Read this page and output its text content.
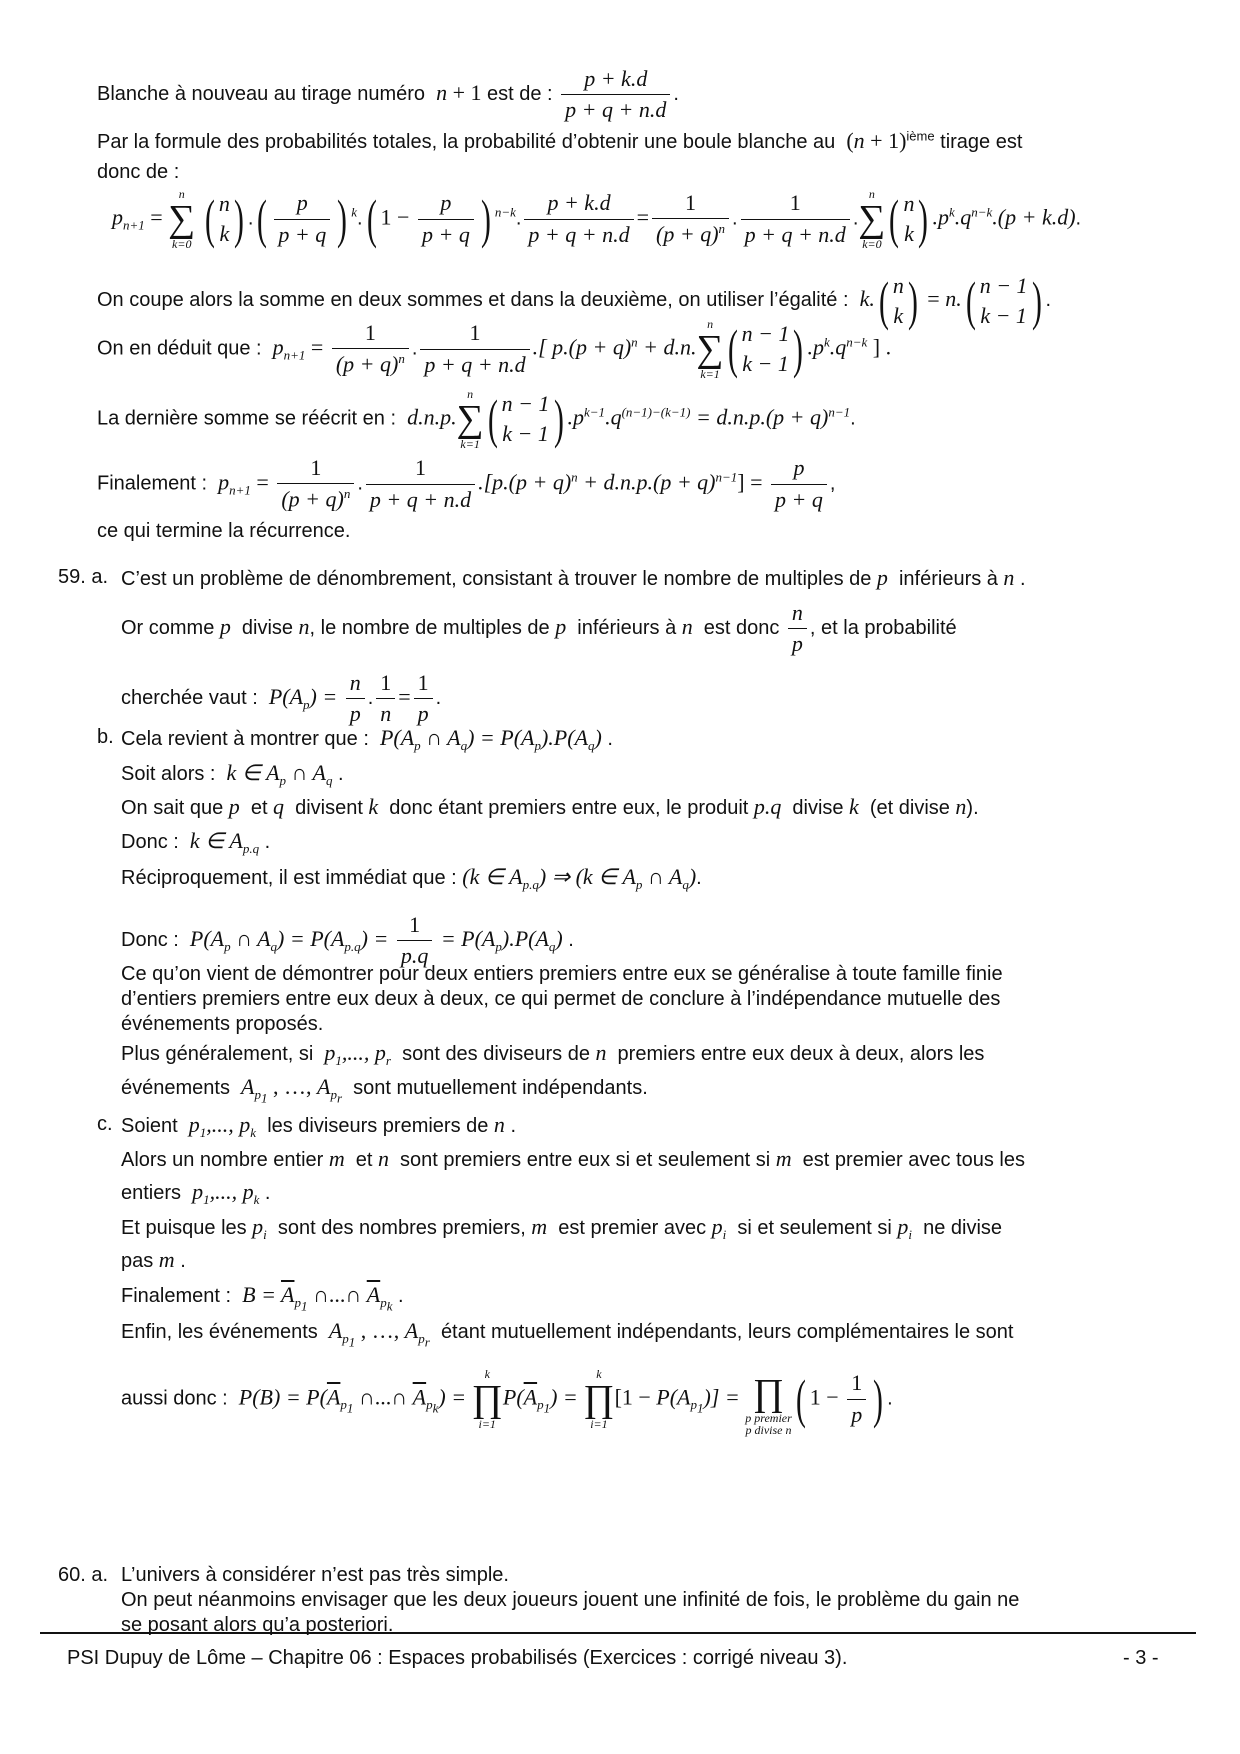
Blanche à nouveau au tirage numéro  n + 1 est de : $\frac{p + k.d}{p + q + n.d}$ .
Par la formule des probabilités totales, la probabilité d’obtenir une boule blanche au  $(n + 1)^{ième}$ tirage est
donc de :
$p_{n+1}$ =
n
∑
k=0 ( n
k ) .( $\frac{p}{p + q}$ ) $^k$.( $1 - \frac{p}{p + q}$ ) $^{n-k}$. $\frac{p + k.d}{p + q + n.d} = \frac{1}{(p + q)^n}$ . $\frac{1}{p + q + n.d}$ .
n
∑
k=0 ( n
k ) $.p^k.q^{n-k}.(p + k.d)$.
On coupe alors la somme en deux sommes et dans la deuxième, on utiliser l’égalité :  k.( n
k ) = n.( n − 1
k − 1 ) .
On en déduit que :  $p_{n+1} = \frac{1}{(p + q)^n}$ . $\frac{1}{p + q + n.d}$ .[ $p.(p + q)^n + d.n$.
n
∑
k=1 ( n − 1
k − 1 ) $.p^k.q^{n-k}$ ] .
La dernière somme se réécrit en :  d.n.p.
n
∑
k=1 ( n − 1
k − 1 ) $.p^{k-1}.q^{(n-1)-(k-1)} = d.n.p.(p + q)^{n-1}$.
Finalement :  $p_{n+1} = \frac{1}{(p + q)^n}$ . $\frac{1}{p + q + n.d} .[p.(p + q)^n + d.n.p.(p + q)^{n-1}] = \frac{p}{p + q}$ ,
ce qui termine la récurrence.
59. a. C’est un problème de dénombrement, consistant à trouver le nombre de multiples de p  inférieurs à n .
Or comme p  divise n, le nombre de multiples de p  inférieurs à n  est donc $\frac{n}{p}$ , et la probabilité
cherchée vaut :  $P(A_p) = \frac{n}{p}$ . $\frac{1}{n} = \frac{1}{p}$ .
b. Cela revient à montrer que :  $P(A_p$ ∩ $A_q) = P(A_p).P(A_q)$ .
Soit alors :  k ∈ $A_p$ ∩ $A_q$ .
On sait que p  et q  divisent k  donc étant premiers entre eux, le produit p.q  divise k  (et divise n).
Donc :  k ∈ $A_{p.q}$ .
Réciproquement, il est immédiat que : (k ∈ $A_{p.q}$) ⇒ (k ∈ $A_p$ ∩ $A_q$).
Donc :  $P(A_p$ ∩ $A_q) = P(A_{p.q}) = \frac{1}{p.q} = P(A_p).P(A_q)$ .
Ce qu’on vient de démontrer pour deux entiers premiers entre eux se généralise à toute famille finie
d’entiers premiers entre eux deux à deux, ce qui permet de conclure à l’indépendance mutuelle des
événements proposés.
Plus généralement, si  $p_1$,..., $p_r$ sont des diviseurs de n  premiers entre eux deux à deux, alors les
événements  $A_{p_1}$ , …, $A_{p_r}$ sont mutuellement indépendants.
c. Soient  $p_1$,..., $p_k$ les diviseurs premiers de n .
Alors un nombre entier m  et n  sont premiers entre eux si et seulement si m  est premier avec tous les
entiers  $p_1$,..., $p_k$ .
Et puisque les $p_i$ sont des nombres premiers, m  est premier avec $p_i$ si et seulement si $p_i$ ne divise
pas m .
Finalement :  $B = \overline{A}_{p_1}$ ∩...∩ $\overline{A}_{p_k}$ .
Enfin, les événements  $A_{p_1}$ , …, $A_{p_r}$ étant mutuellement indépendants, leurs complémentaires le sont
aussi donc :  $P(B) = P(\overline{A}_{p_1}$ ∩...∩ $\overline{A}_{p_k}$) =
k
∏
i=1
$P(\overline{A}_{p_1})$ =
k
∏
i=1
$[1 - P(A_{p_1})]$ =
∏
p premier
p divise n
( $1 - \frac{1}{p}$ ) .
60. a. L’univers à considérer n’est pas très simple.
On peut néanmoins envisager que les deux joueurs jouent une infinité de fois, le problème du gain ne
se posant alors qu’a posteriori.
PSI Dupuy de Lôme – Chapitre 06 : Espaces probabilisés (Exercices : corrigé niveau 3).	- 3 -
